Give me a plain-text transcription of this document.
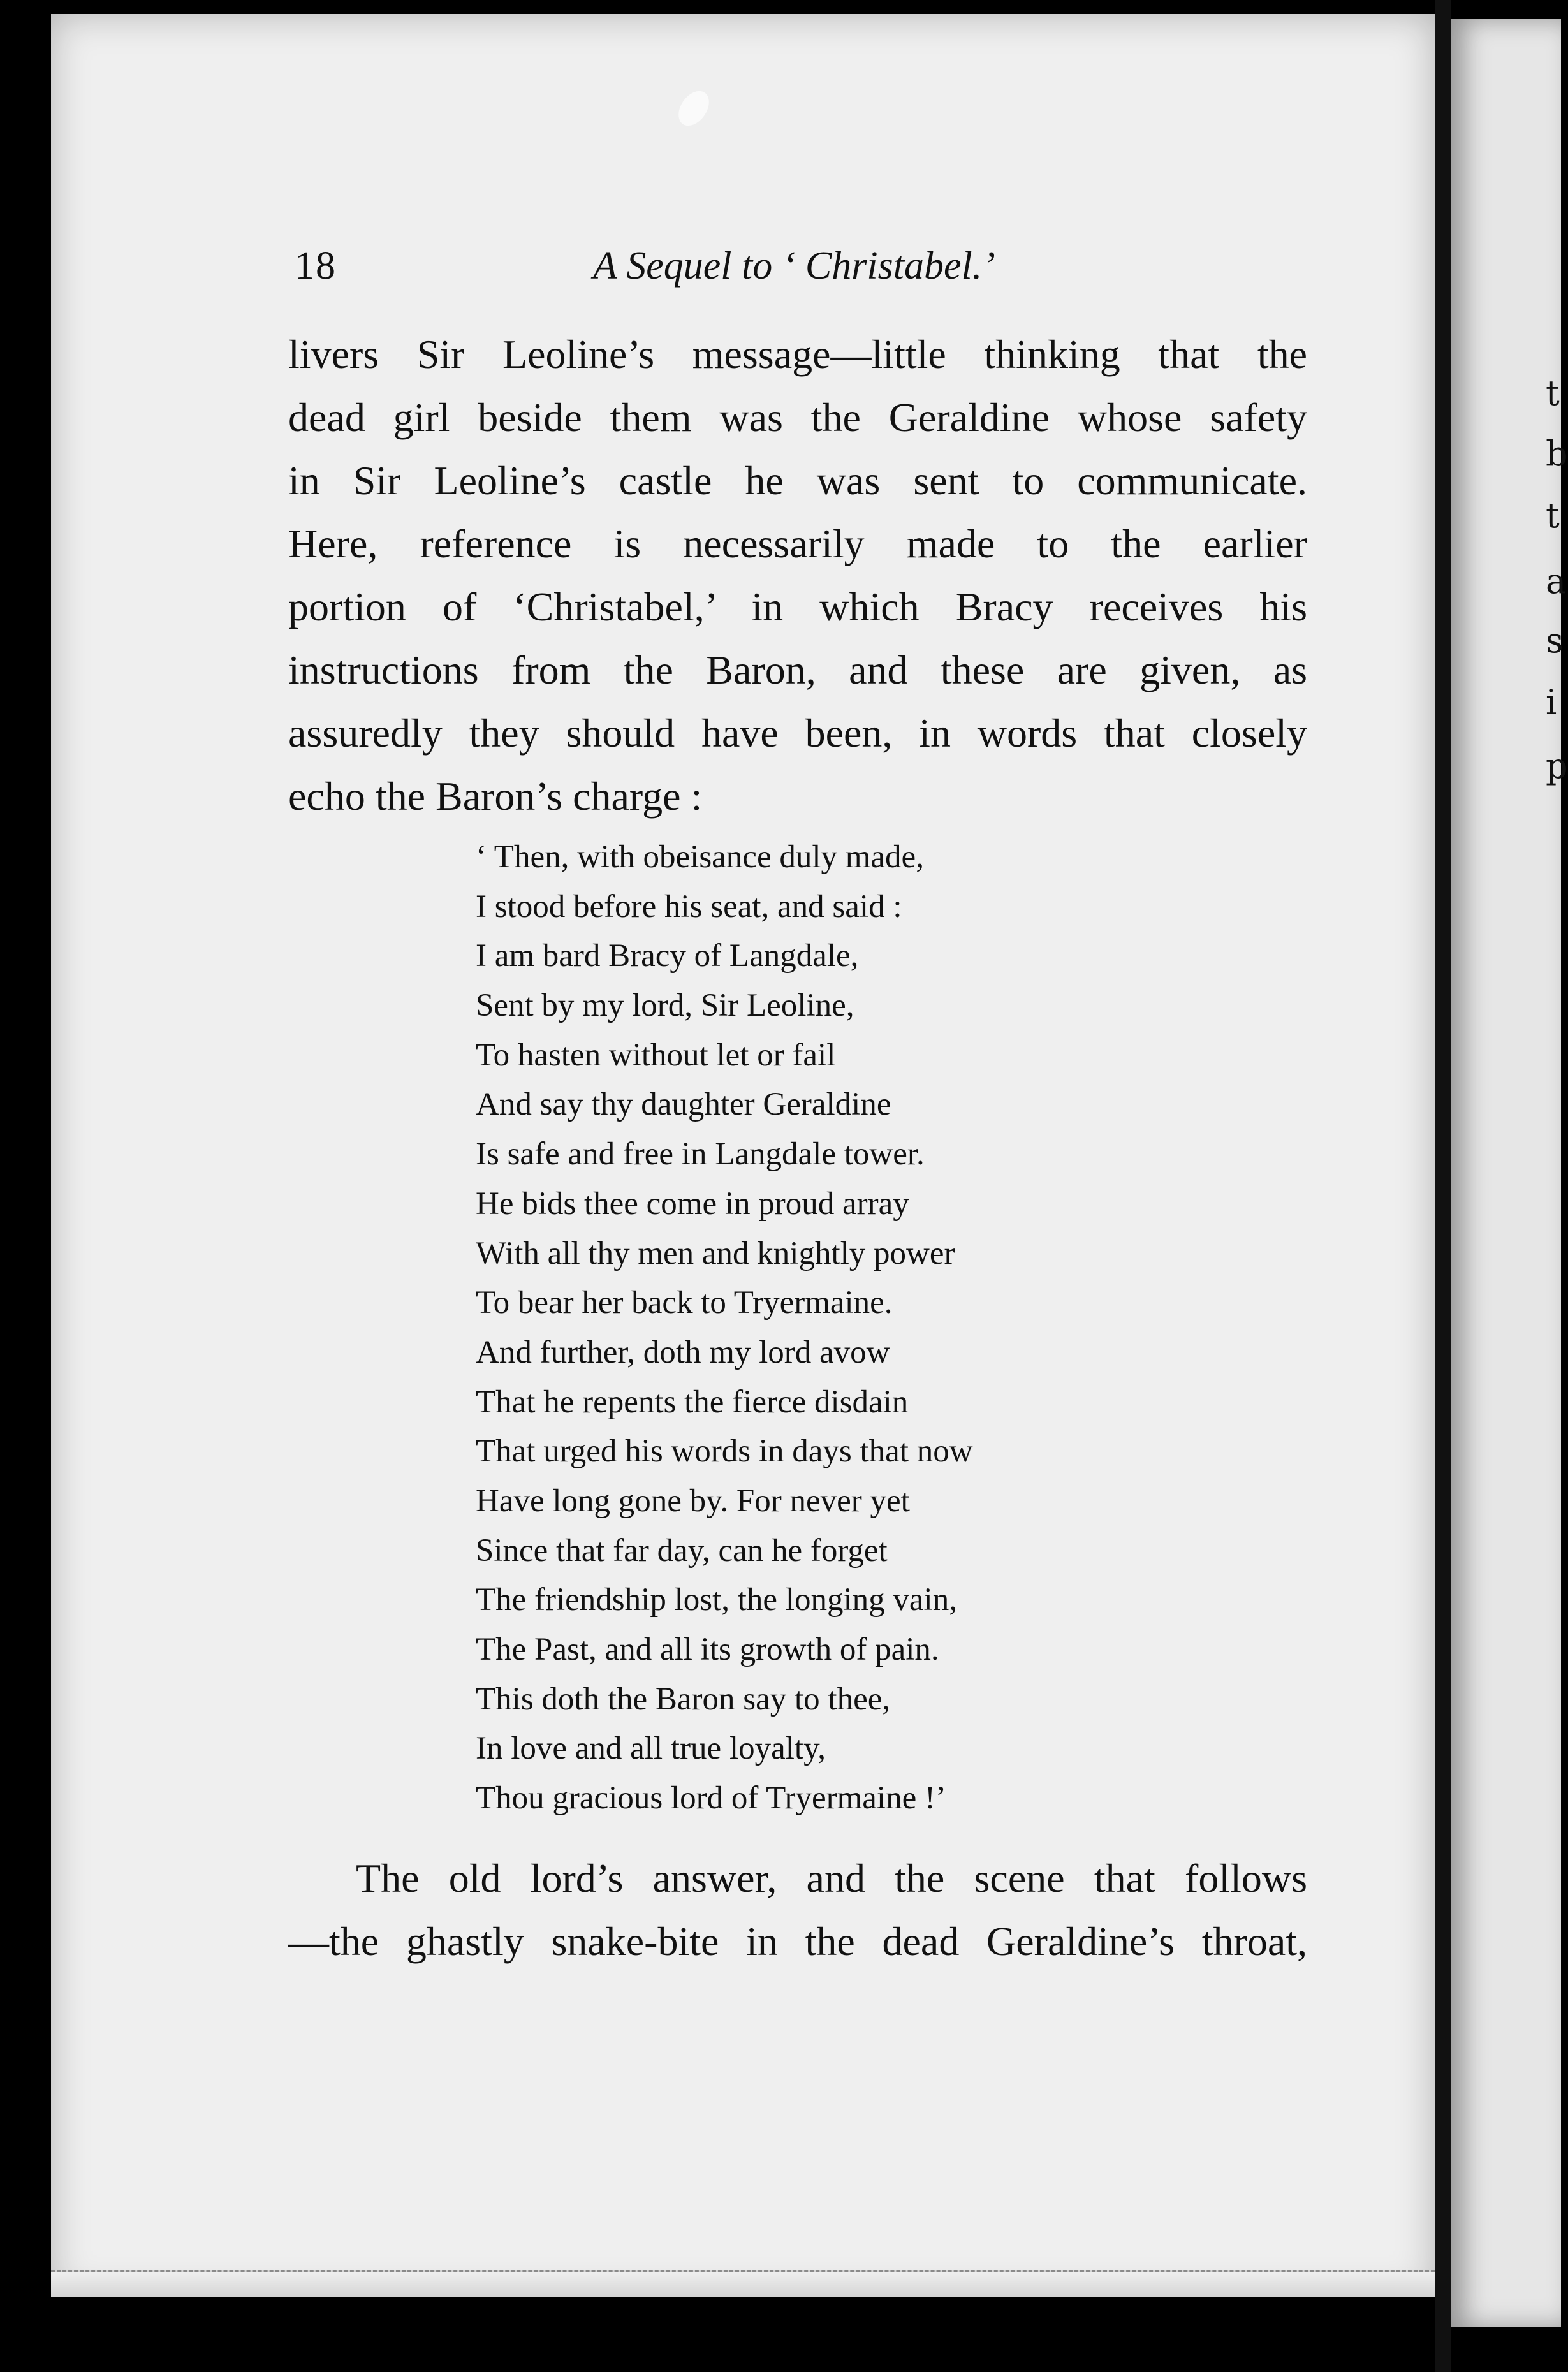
t
b
t
a
s
i
p
18	A Sequel to ‘ Christabel.’
livers Sir Leoline’s message—little thinking that the
dead girl beside them was the Geraldine whose safety
in Sir Leoline’s castle he was sent to communicate.
Here, reference is necessarily made to the earlier
portion of ‘Christabel,’ in which Bracy receives his
instructions from the Baron, and these are given, as
assuredly they should have been, in words that closely
echo the Baron’s charge :
‘ Then, with obeisance duly made,
I stood before his seat, and said :
I am bard Bracy of Langdale,
Sent by my lord, Sir Leoline,
To hasten without let or fail
And say thy daughter Geraldine
Is safe and free in Langdale tower.
He bids thee come in proud array
With all thy men and knightly power
To bear her back to Tryermaine.
And further, doth my lord avow
That he repents the fierce disdain
That urged his words in days that now
Have long gone by. For never yet
Since that far day, can he forget
The friendship lost, the longing vain,
The Past, and all its growth of pain.
This doth the Baron say to thee,
In love and all true loyalty,
Thou gracious lord of Tryermaine !’
The old lord’s answer, and the scene that follows
—the ghastly snake-bite in the dead Geraldine’s throat,
